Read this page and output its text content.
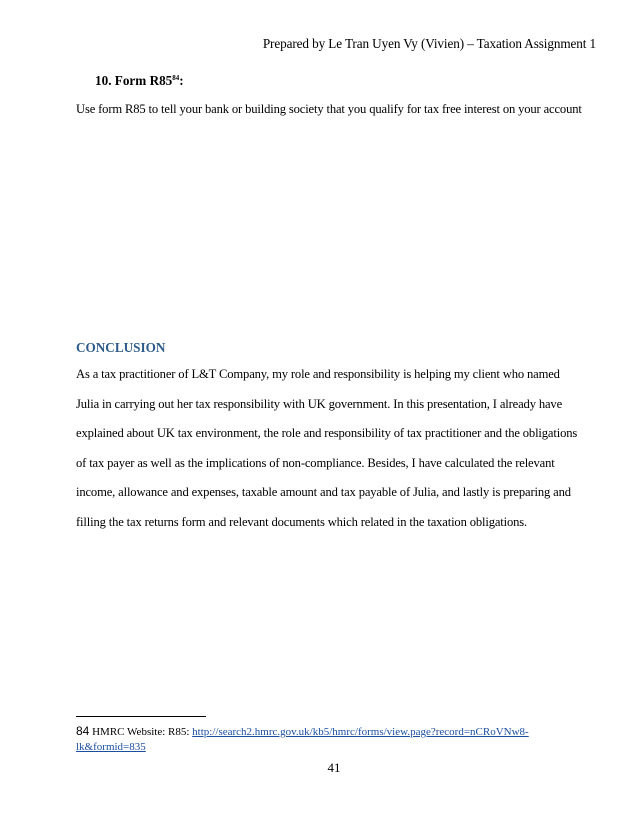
Prepared by Le Tran Uyen Vy (Vivien) – Taxation Assignment 1
10. Form $R85^{84}$:
Use form R85 to tell your bank or building society that you qualify for tax free interest on your account
CONCLUSION
As a tax practitioner of L&T Company, my role and responsibility is helping my client who named
Julia in carrying out her tax responsibility with UK government. In this presentation, I already have
explained about UK tax environment, the role and responsibility of tax practitioner and the obligations
of tax payer as well as the implications of non-compliance. Besides, I have calculated the relevant
income, allowance and expenses, taxable amount and tax payable of Julia, and lastly is preparing and
filling the tax returns form and relevant documents which related in the taxation obligations.
84 HMRC Website: R85: http://search2.hmrc.gov.uk/kb5/hmrc/forms/view.page?record=nCRoVNw8-
lk&formid=835
41
